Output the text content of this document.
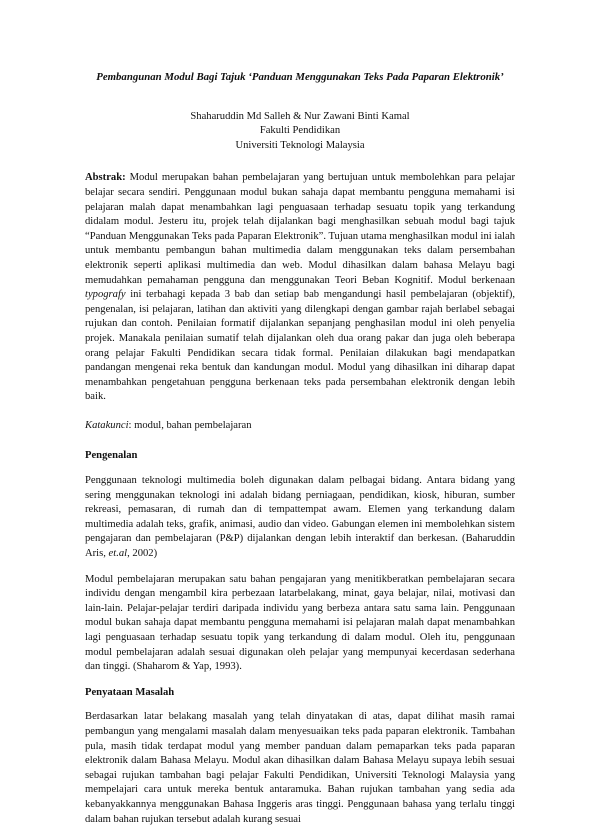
Pembangunan Modul Bagi Tajuk ‘Panduan Menggunakan Teks Pada Paparan Elektronik’
Shaharuddin Md Salleh & Nur Zawani Binti Kamal
Fakulti Pendidikan
Universiti Teknologi Malaysia

Abstrak: Modul merupakan bahan pembelajaran yang bertujuan untuk membolehkan para pelajar belajar secara sendiri. Penggunaan modul bukan sahaja dapat membantu pengguna memahami isi pelajaran malah dapat menambahkan lagi penguasaan terhadap sesuatu topik yang terkandung didalam modul. Jesteru itu, projek telah dijalankan bagi menghasilkan sebuah modul bagi tajuk “Panduan Menggunakan Teks pada Paparan Elektronik”. Tujuan utama menghasilkan modul ini ialah untuk membantu pembangun bahan multimedia dalam menggunakan teks dalam persembahan elektronik seperti aplikasi multimedia dan web. Modul dihasilkan dalam bahasa Melayu bagi memudahkan pemahaman pengguna dan menggunakan Teori Beban Kognitif. Modul berkenaan typografy ini terbahagi kepada 3 bab dan setiap bab mengandungi hasil pembelajaran (objektif), pengenalan, isi pelajaran, latihan dan aktiviti yang dilengkapi dengan gambar rajah berlabel sebagai rujukan dan contoh. Penilaian formatif dijalankan sepanjang penghasilan modul ini oleh penyelia projek. Manakala penilaian sumatif telah dijalankan oleh dua orang pakar dan juga oleh beberapa orang pelajar Fakulti Pendidikan secara tidak formal. Penilaian dilakukan bagi mendapatkan pandangan mengenai reka bentuk dan kandungan modul. Modul yang dihasilkan ini diharap dapat menambahkan pengetahuan pengguna berkenaan teks pada persembahan elektronik dengan lebih baik.

Katakunci: modul, bahan pembelajaran

Pengenalan

Penggunaan teknologi multimedia boleh digunakan dalam pelbagai bidang. Antara bidang yang sering menggunakan teknologi ini adalah bidang perniagaan, pendidikan, kiosk, hiburan, sumber rekreasi, pemasaran, di rumah dan di tempattempat awam. Elemen yang terkandung dalam multimedia adalah teks, grafik, animasi, audio dan video. Gabungan elemen ini membolehkan sistem pengajaran dan pembelajaran (P&P) dijalankan dengan lebih interaktif dan berkesan. (Baharuddin Aris, et.al, 2002)

Modul pembelajaran merupakan satu bahan pengajaran yang menitikberatkan pembelajaran secara individu dengan mengambil kira perbezaan latarbelakang, minat, gaya belajar, nilai, motivasi dan lain-lain. Pelajar-pelajar terdiri daripada individu yang berbeza antara satu sama lain. Penggunaan modul bukan sahaja dapat membantu pengguna memahami isi pelajaran malah dapat menambahkan lagi penguasaan terhadap sesuatu topik yang terkandung di dalam modul. Oleh itu, penggunaan modul pembelajaran adalah sesuai digunakan oleh pelajar yang mempunyai kecerdasan sederhana dan tinggi. (Shaharom & Yap, 1993).

Penyataan Masalah

Berdasarkan latar belakang masalah yang telah dinyatakan di atas, dapat dilihat masih ramai pembangun yang mengalami masalah dalam menyesuaikan teks pada paparan elektronik. Tambahan pula, masih tidak terdapat modul yang member panduan dalam pemaparkan teks pada paparan elektronik dalam Bahasa Melayu. Modul akan dihasilkan dalam Bahasa Melayu supaya lebih sesuai sebagai rujukan tambahan bagi pelajar Fakulti Pendidikan, Universiti Teknologi Malaysia yang mempelajari cara untuk mereka bentuk antaramuka. Bahan rujukan tambahan yang sedia ada kebanyakkannya menggunakan Bahasa Inggeris aras tinggi. Penggunaan bahasa yang terlalu tinggi dalam bahan rujukan tersebut adalah kurang sesuai
